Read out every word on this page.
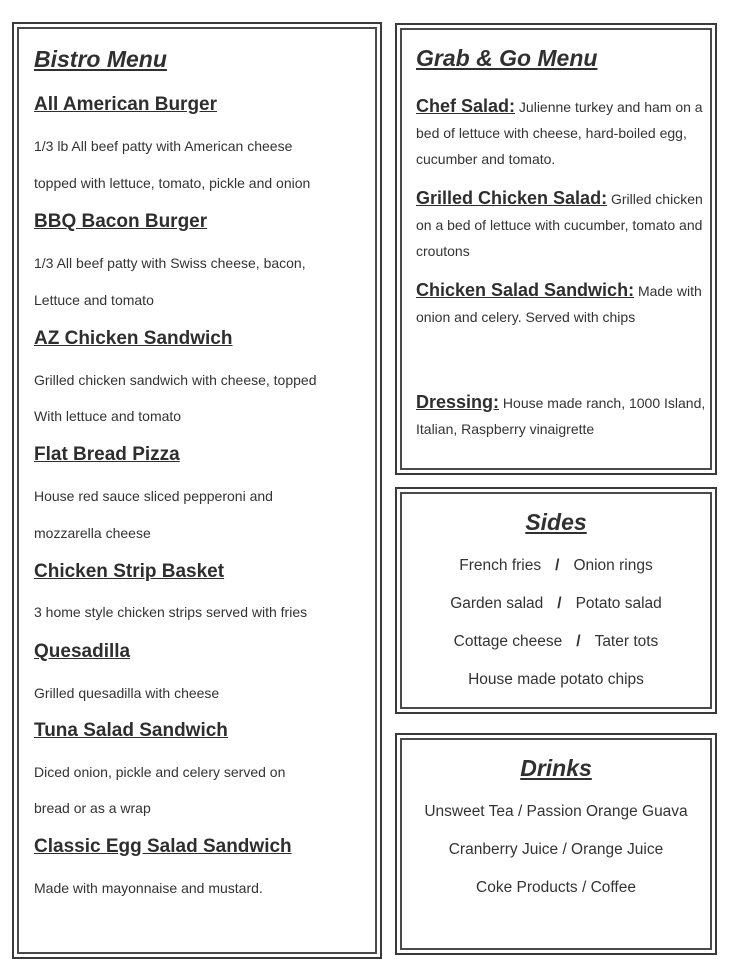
Bistro Menu
All American Burger
1/3 lb All beef patty with American cheese
topped with lettuce, tomato, pickle and onion
BBQ Bacon Burger
1/3 All beef patty with Swiss cheese, bacon,
Lettuce and tomato
AZ Chicken Sandwich
Grilled chicken sandwich with cheese, topped
With lettuce and tomato
Flat Bread Pizza
House red sauce sliced pepperoni and
mozzarella cheese
Chicken Strip Basket
3 home style chicken strips served with fries
Quesadilla
Grilled quesadilla with cheese
Tuna Salad Sandwich
Diced onion, pickle and celery served on
bread or as a wrap
Classic Egg Salad Sandwich
Made with mayonnaise and mustard.
Grab & Go Menu
Chef Salad: Julienne turkey and ham on a bed of lettuce with cheese, hard-boiled egg, cucumber and tomato.
Grilled Chicken Salad: Grilled chicken on a bed of lettuce with cucumber, tomato and croutons
Chicken Salad Sandwich: Made with onion and celery. Served with chips
Dressing: House made ranch, 1000 Island, Italian, Raspberry vinaigrette
Sides
French fries / Onion rings
Garden salad / Potato salad
Cottage cheese / Tater tots
House made potato chips
Drinks
Unsweet Tea / Passion Orange Guava
Cranberry Juice / Orange Juice
Coke Products / Coffee
